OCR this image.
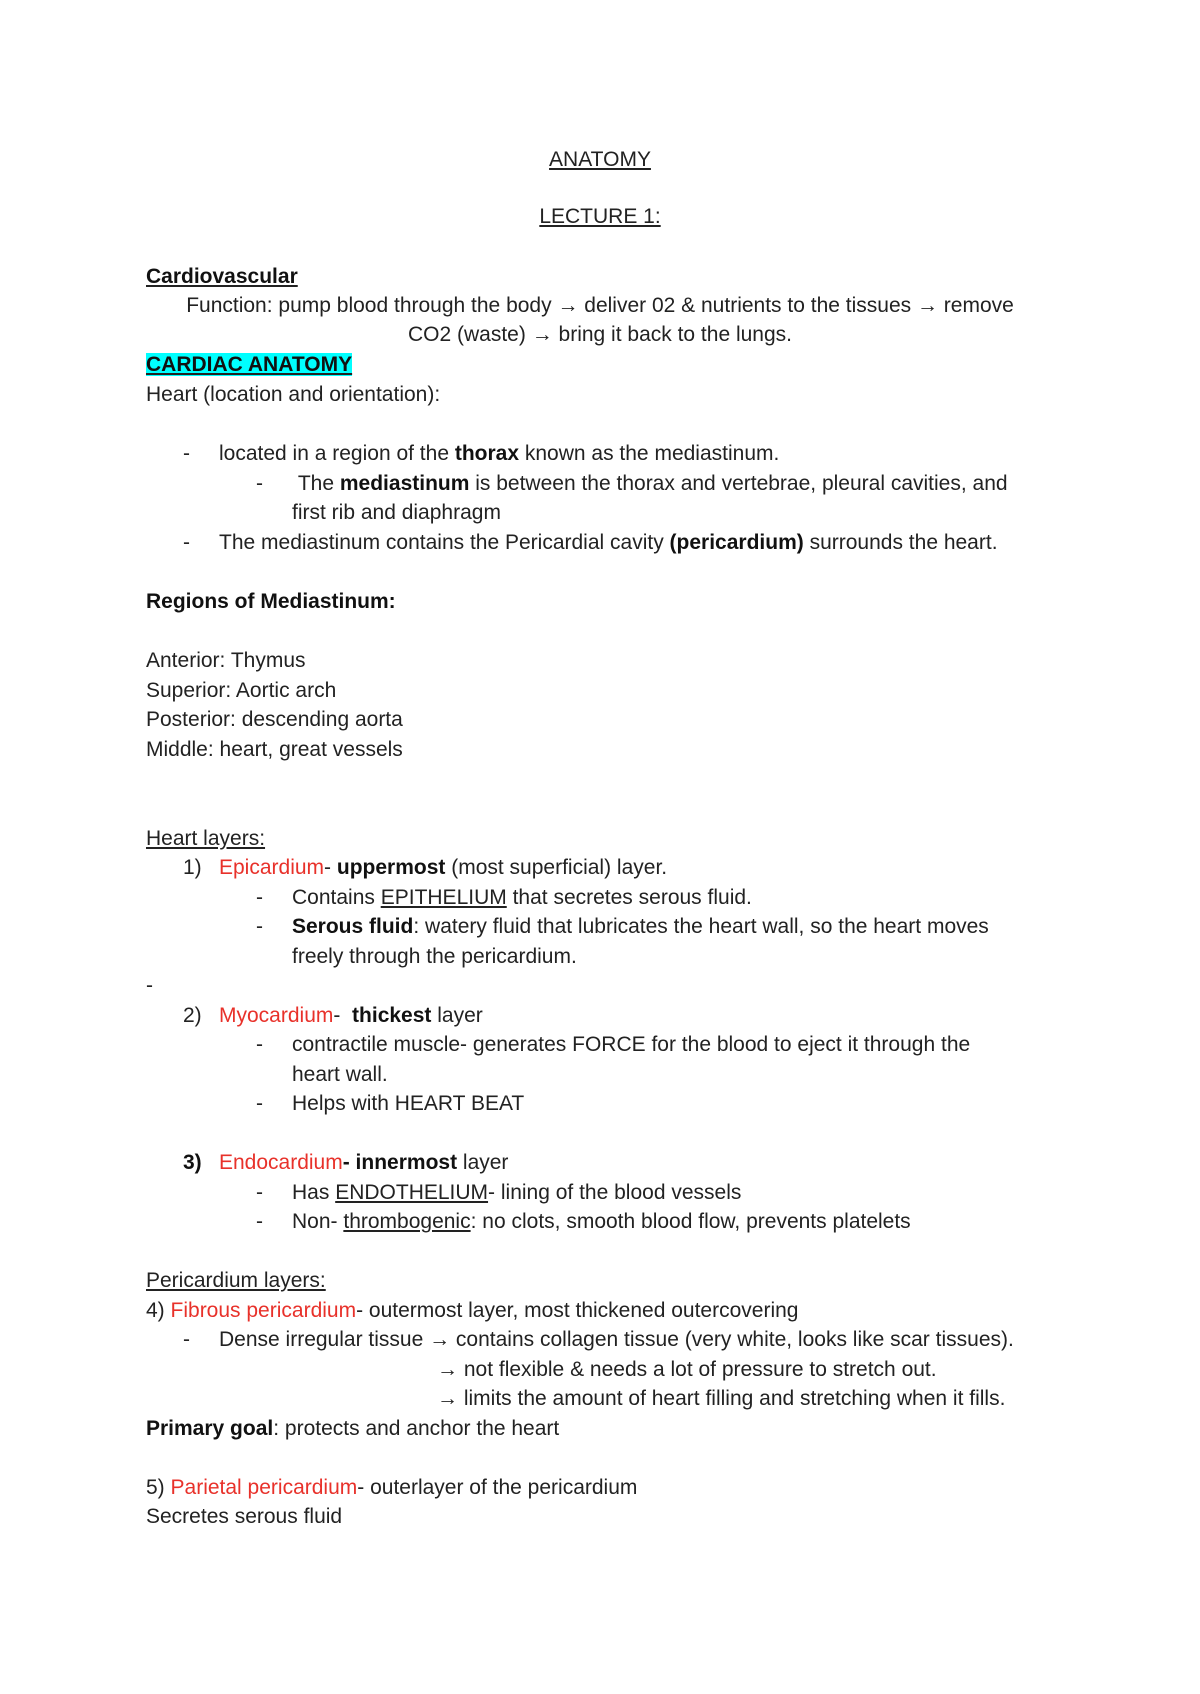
ANATOMY
LECTURE 1:
Cardiovascular
Function: pump blood through the body → deliver 02 & nutrients to the tissues → remove
CO2 (waste) → bring it back to the lungs.
CARDIAC ANATOMY
Heart (location and orientation):
- located in a region of the thorax known as the mediastinum.
- The mediastinum is between the thorax and vertebrae, pleural cavities, and
first rib and diaphragm
- The mediastinum contains the Pericardial cavity (pericardium) surrounds the heart.
Regions of Mediastinum:
Anterior: Thymus
Superior: Aortic arch
Posterior: descending aorta
Middle: heart, great vessels
Heart layers:
1) Epicardium- uppermost (most superficial) layer.
- Contains EPITHELIUM that secretes serous fluid.
- Serous fluid: watery fluid that lubricates the heart wall, so the heart moves
freely through the pericardium.
-
2) Myocardium-  thickest layer
- contractile muscle- generates FORCE for the blood to eject it through the
heart wall.
- Helps with HEART BEAT
3) Endocardium- innermost layer
- Has ENDOTHELIUM- lining of the blood vessels
- Non- thrombogenic: no clots, smooth blood flow, prevents platelets
Pericardium layers:
4) Fibrous pericardium- outermost layer, most thickened outercovering
- Dense irregular tissue → contains collagen tissue (very white, looks like scar tissues).
→ not flexible & needs a lot of pressure to stretch out.
→ limits the amount of heart filling and stretching when it fills.
Primary goal: protects and anchor the heart
5) Parietal pericardium- outerlayer of the pericardium
Secretes serous fluid
